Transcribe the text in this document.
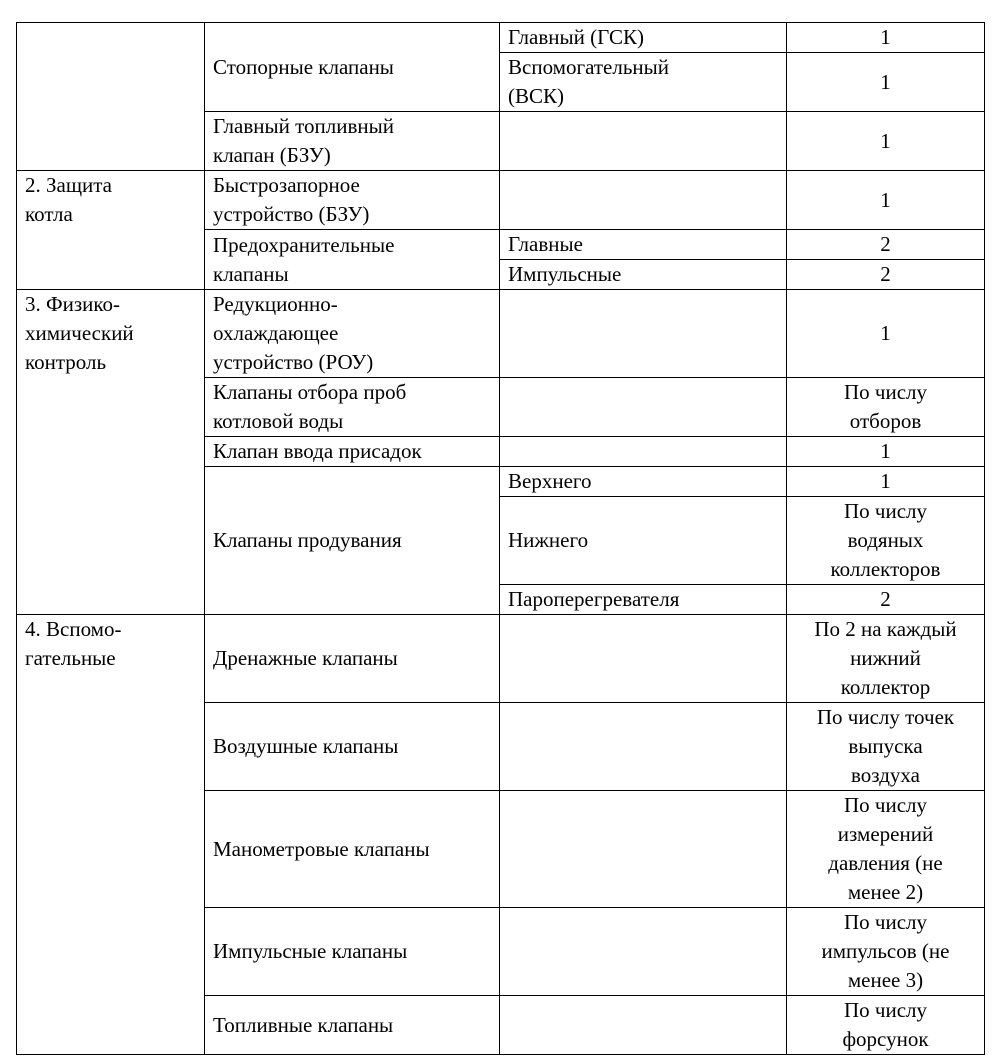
	Стопорные клапаны	Главный (ГСК)	1
		Вспомогательный
(ВСК)	1
	Главный топливный
клапан (БЗУ)		1
2. Защита
котла	Быстрозапорное
устройство (БЗУ)		1
	Предохранительные
клапаны	Главные	2
		Импульсные	2
3. Физико-
химический
контроль	Редукционно-
охлаждающее
устройство (РОУ)		1
	Клапаны отбора проб
котловой воды		По числу
отборов
	Клапан ввода присадок		1
	Клапаны продувания	Верхнего	1
		Нижнего	По числу
водяных
коллекторов
		Пароперегревателя	2
4. Вспомо-
гательные	Дренажные клапаны		По 2 на каждый
нижний
коллектор
	Воздушные клапаны		По числу точек
выпуска
воздуха
	Манометровые клапаны		По числу
измерений
давления (не
менее 2)
	Импульсные клапаны		По числу
импульсов (не
менее 3)
	Топливные клапаны		По числу
форсунок
